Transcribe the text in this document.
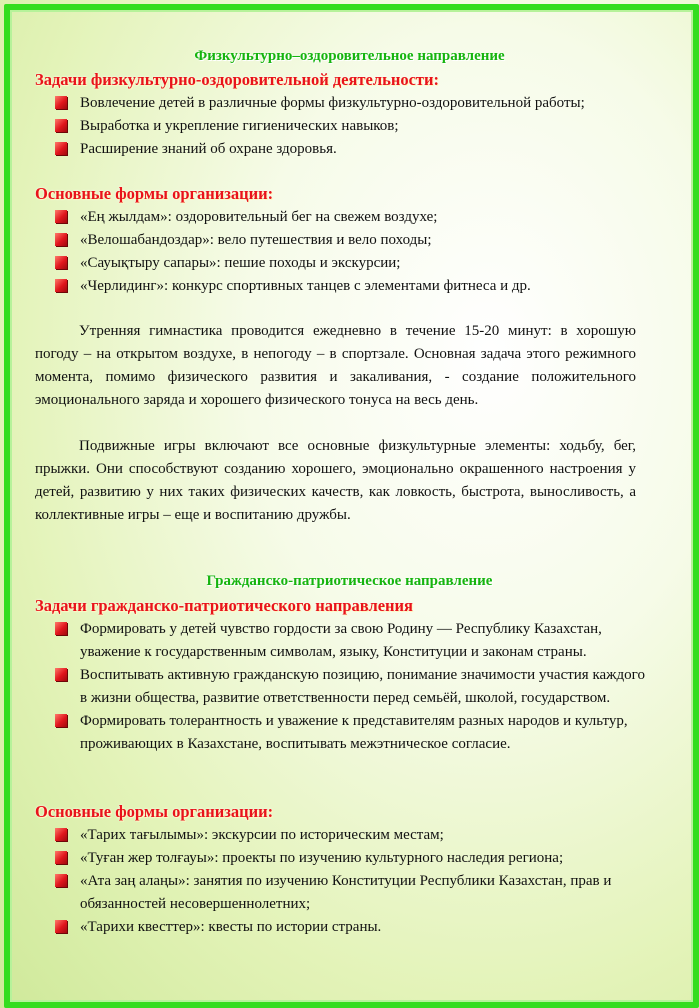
Физкультурно–оздоровительное направление
Задачи физкультурно-оздоровительной деятельности:
Вовлечение детей в различные формы физкультурно-оздоровительной работы;
Выработка и укрепление гигиенических навыков;
Расширение знаний об охране здоровья.
Основные формы организации:
«Ең жылдам»: оздоровительный бег на свежем воздухе;
«Велошабандоздар»: вело путешествия и вело походы;
«Сауықтыру сапары»: пешие походы и экскурсии;
«Черлидинг»: конкурс спортивных танцев с элементами фитнеса и др.

Утренняя гимнастика проводится ежедневно в течение 15-20 минут: в хорошую погоду – на открытом воздухе, в непогоду – в спортзале. Основная задача этого режимного момента, помимо физического развития и закаливания, - создание положительного эмоционального заряда и хорошего физического тонуса на весь день.

Подвижные игры включают все основные физкультурные элементы: ходьбу, бег, прыжки. Они способствуют созданию хорошего, эмоционально окрашенного настроения у детей, развитию у них таких физических качеств, как ловкость, быстрота, выносливость, а коллективные игры – еще и воспитанию дружбы.

Гражданско-патриотическое направление
Задачи гражданско-патриотического направления
Формировать у детей чувство гордости за свою Родину — Республику Казахстан, уважение к государственным символам, языку, Конституции и законам страны.
Воспитывать активную гражданскую позицию, понимание значимости участия каждого в жизни общества, развитие ответственности перед семьёй, школой, государством.
Формировать толерантность и уважение к представителям разных народов и культур, проживающих в Казахстане, воспитывать межэтническое согласие.
Основные формы организации:
«Тарих тағылымы»: экскурсии по историческим местам;
«Туған жер толғауы»: проекты по изучению культурного наследия региона;
«Ата заң алаңы»: занятия по изучению Конституции Республики Казахстан, прав и обязанностей несовершеннолетних;
«Тарихи квесттер»: квесты по истории страны.
